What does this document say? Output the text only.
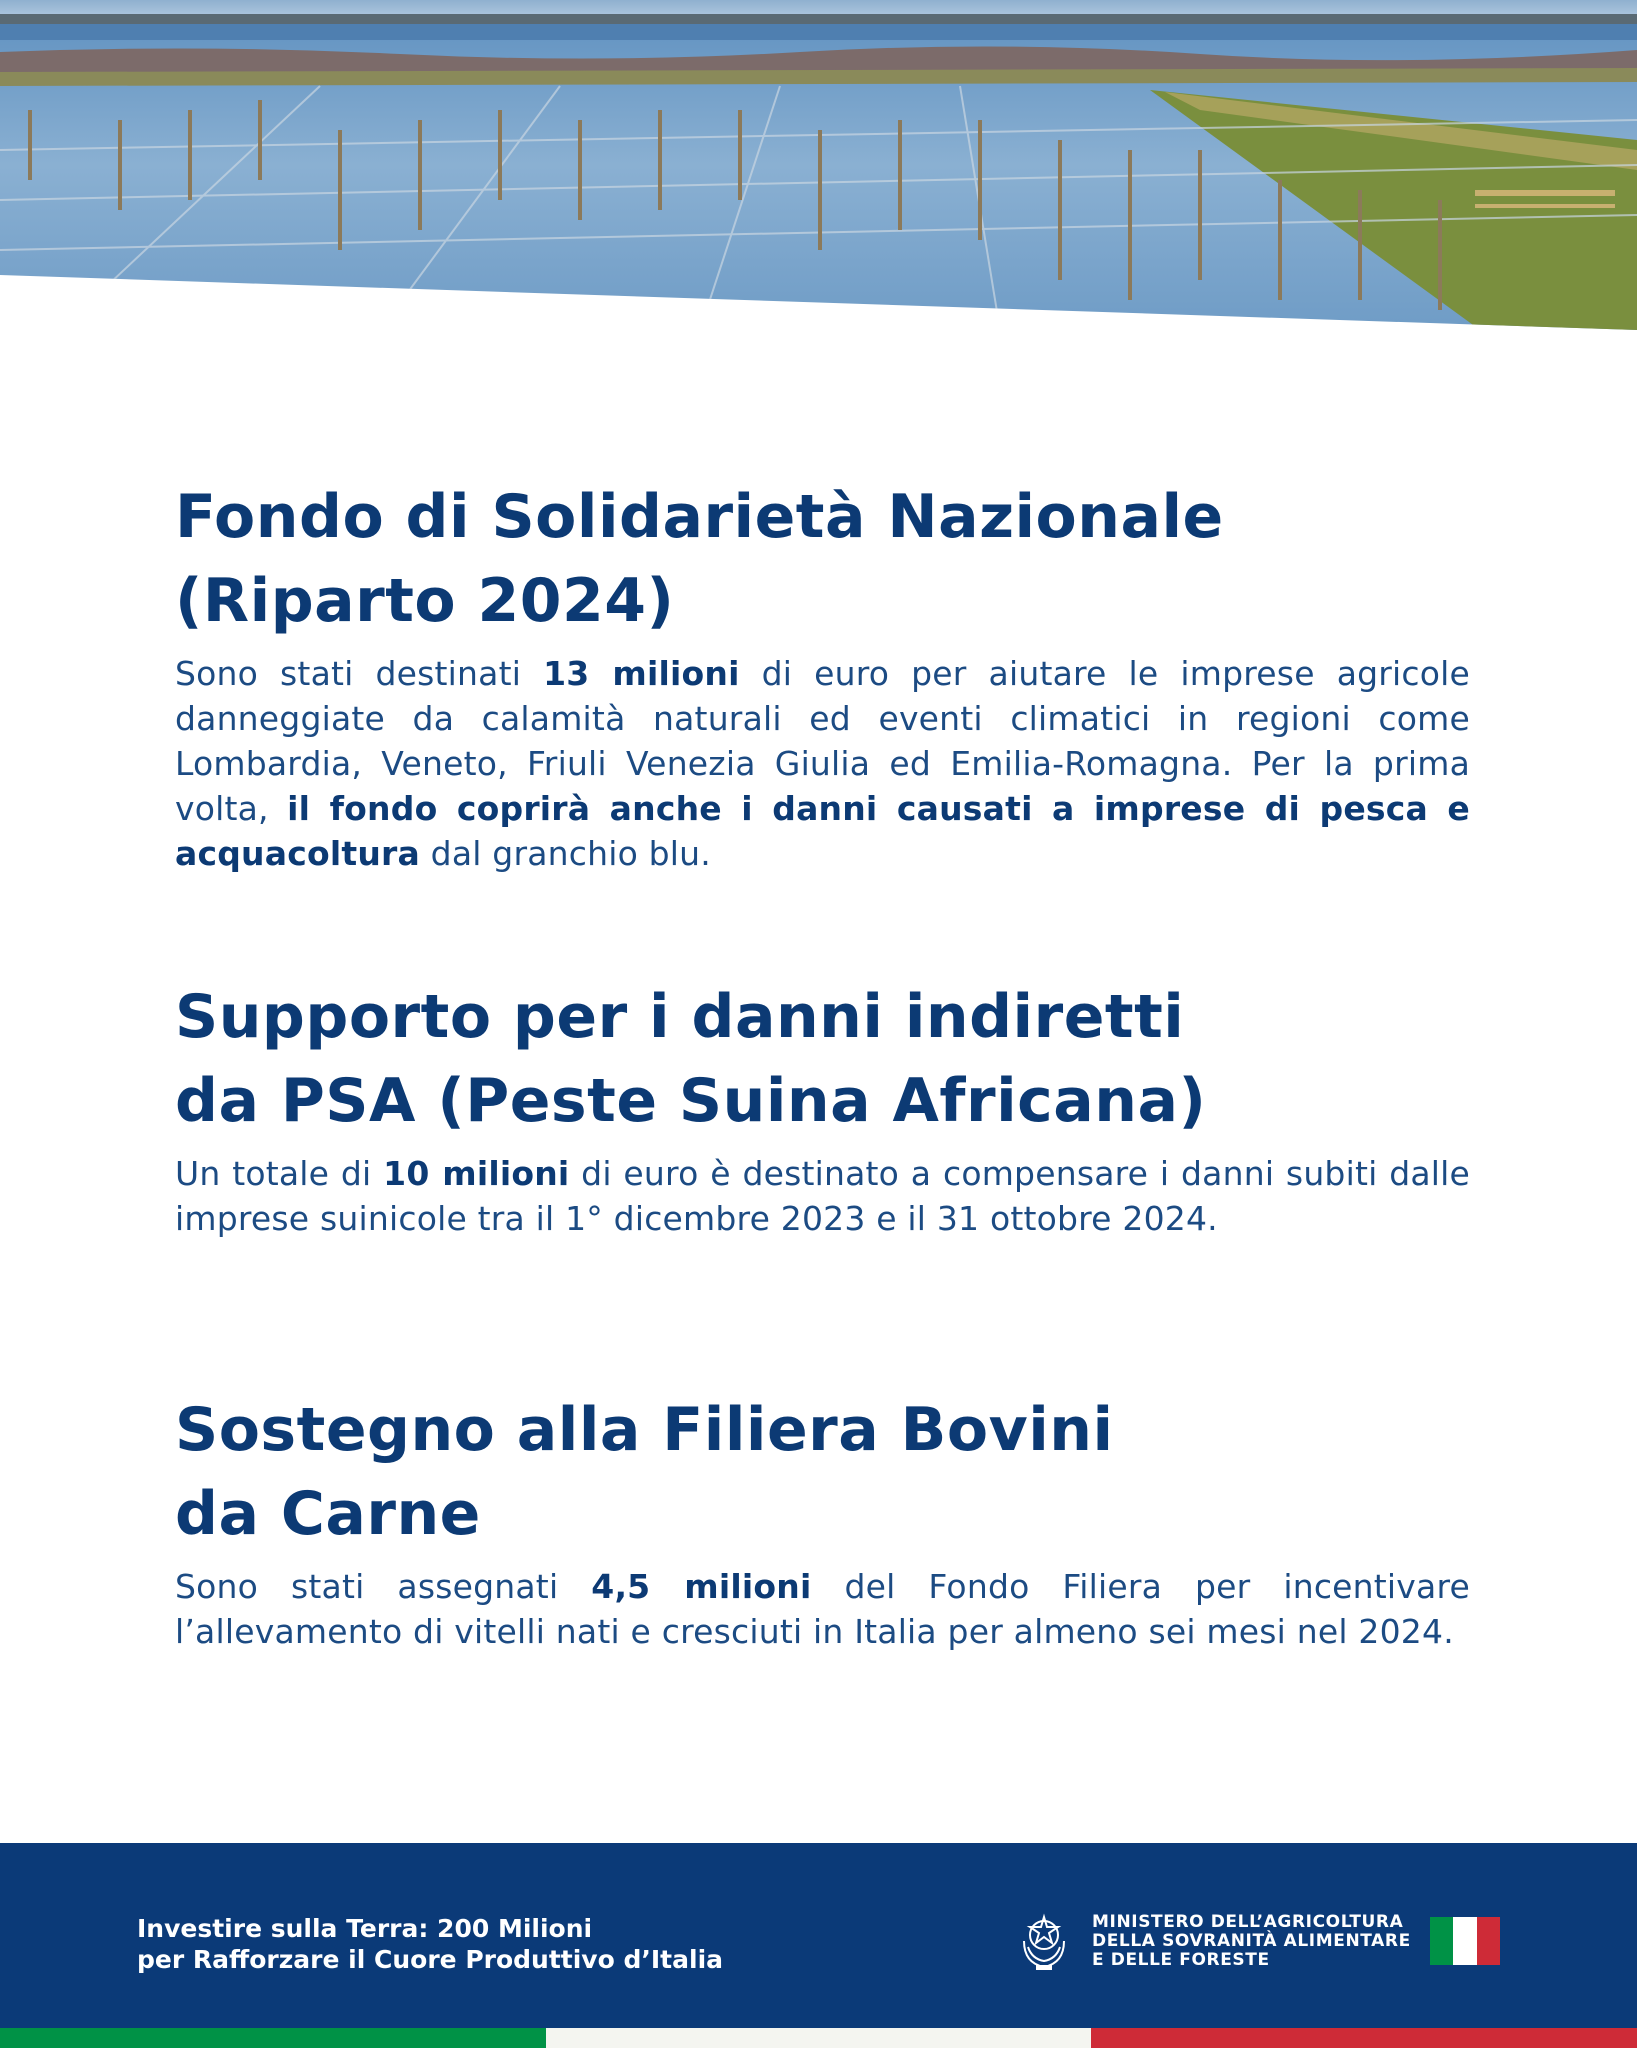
Fondo di Solidarietà Nazionale
(Riparto 2024)

Sono stati destinati 13 milioni di euro per aiutare le imprese agricole danneggiate da calamità naturali ed eventi climatici in regioni come Lombardia, Veneto, Friuli Venezia Giulia ed Emilia-Romagna. Per la prima volta, il fondo coprirà anche i danni causati a imprese di pesca e acquacoltura dal granchio blu.

Supporto per i danni indiretti
da PSA (Peste Suina Africana)

Un totale di 10 milioni di euro è destinato a compensare i danni subiti dalle imprese suinicole tra il 1° dicembre 2023 e il 31 ottobre 2024.

Sostegno alla Filiera Bovini
da Carne

Sono stati assegnati 4,5 milioni del Fondo Filiera per incentivare l’allevamento di vitelli nati e cresciuti in Italia per almeno sei mesi nel 2024.

Investire sulla Terra: 200 Milioni
per Rafforzare il Cuore Produttivo d’Italia
MINISTERO DELL’AGRICOLTURA
DELLA SOVRANITÀ ALIMENTARE
E DELLE FORESTE
